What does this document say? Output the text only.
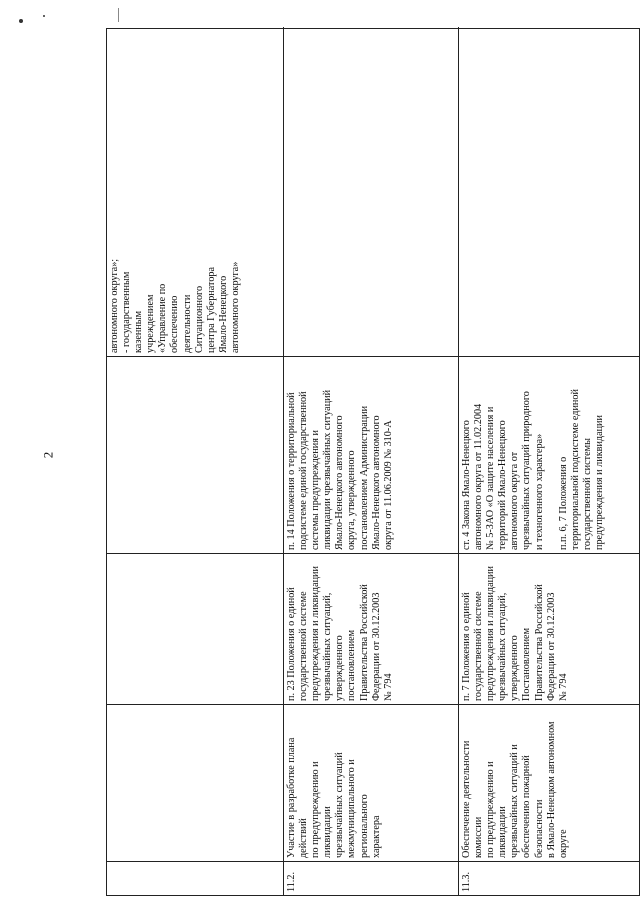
2
автономного округа»;
- государственным
казенным
учреждением
«Управление по
обеспечению
деятельности
Ситуационного
центра Губернатора
Ямало-Ненецкого
автономного округа»
11.2.
Участие в разработке плана действий
по предупреждению и ликвидации
чрезвычайных ситуаций
межмуниципального и регионального
характера
п. 23 Положения о единой
государственной системе
предупреждения и ликвидации
чрезвычайных ситуаций,
утвержденного
постановлением
Правительства Российской
Федерации от 30.12.2003
№ 794
п. 14 Положения о территориальной
подсистеме единой государственной
системы предупреждения и
ликвидации чрезвычайных ситуаций
Ямало-Ненецкого автономного
округа, утвержденного
постановлением Администрации
Ямало-Ненецкого автономного
округа от 11.06.2009 № 310-А
11.3.
Обеспечение деятельности комиссии
по предупреждению и ликвидации
чрезвычайных ситуаций и
обеспечению пожарной безопасности
в Ямало-Ненецком автономном
округе
п. 7 Положения о единой
государственной системе
предупреждения и ликвидации
чрезвычайных ситуаций,
утвержденного
Постановлением
Правительства Российской
Федерации от 30.12.2003
№ 794
ст. 4 Закона Ямало-Ненецкого
автономного округа от 11.02.2004
№ 5-ЗАО «О защите населения и
территорий Ямало-Ненецкого
автономного округа от
чрезвычайных ситуаций природного
и техногенного характера»

п.п. 6, 7 Положения о
территориальной подсистеме единой
государственной системы
предупреждения и ликвидации
